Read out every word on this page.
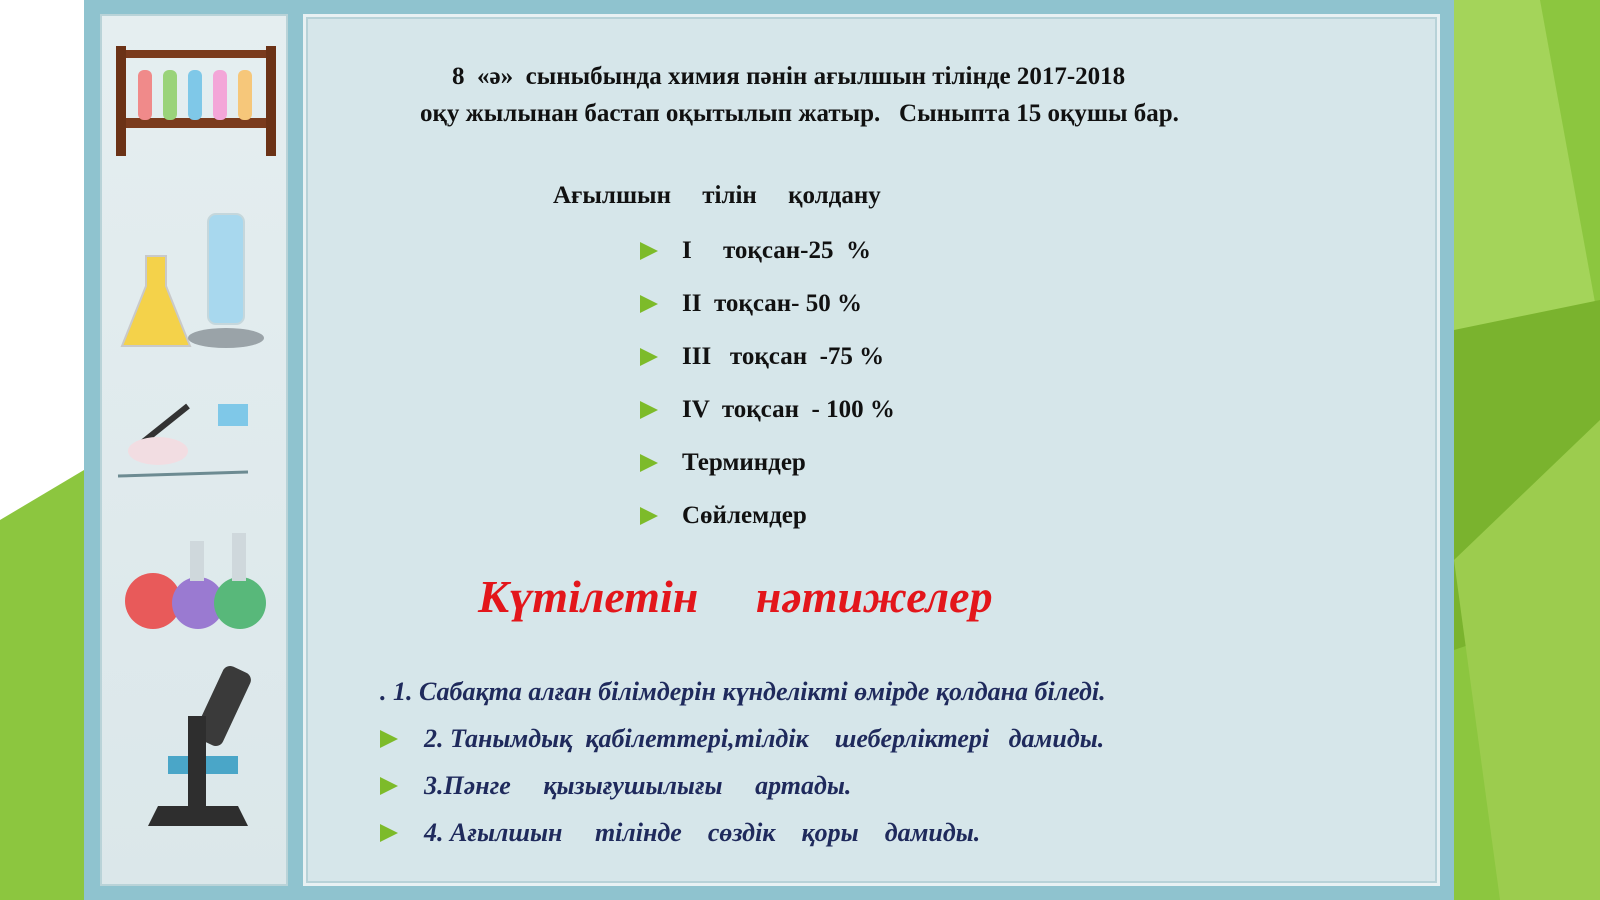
8  «ә»  сыныбында химия пәнін ағылшын тілінде 2017-2018
оқу жылынан бастап оқытылып жатыр.   Сыныпта 15 оқушы бар.
Ағылшын     тілін     қолдану
І     тоқсан-25  %
ІІ  тоқсан- 50 %
ІІІ   тоқсан  -75 %
IV  тоқсан  - 100 %
Терминдер
Сөйлемдер
Күтілетін     нәтижелер
. 1. Сабақта алған білімдерін күнделікті өмірде қолдана біледі.
2. Танымдық  қабілеттері,тілдік    шеберліктері   дамиды.
3.Пәнге     қызығушылығы     артады.
4. Ағылшын     тілінде    сөздік    қоры    дамиды.
